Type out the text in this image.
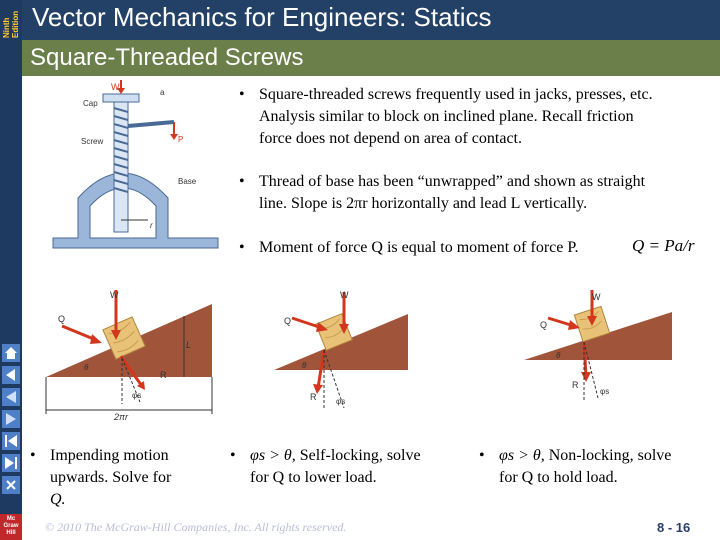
Ninth Edition Vector Mechanics for Engineers: Statics
Square-Threaded Screws
Mc Graw Hill
W
a
Cap
Screw	P
Base
r
• Square-threaded screws frequently used in jacks, presses, etc.
Analysis similar to block on inclined plane. Recall friction
force does not depend on area of contact.
• Thread of base has been “unwrapped” and shown as straight
line. Slope is 2πr horizontally and lead L vertically.
• Moment of force Q is equal to moment of force P.	Q = Pa/r
W
Q
R
θ
φs
L
2πr
W
Q
R
θ
φs
W
Q
R
θ
φs
• Impending motion
upwards. Solve for
Q.
• φs > θ, Self-locking, solve
for Q to lower load.
• φs > θ, Non-locking, solve
for Q to hold load.
© 2010 The McGraw-Hill Companies, Inc. All rights reserved.	8 - 16
